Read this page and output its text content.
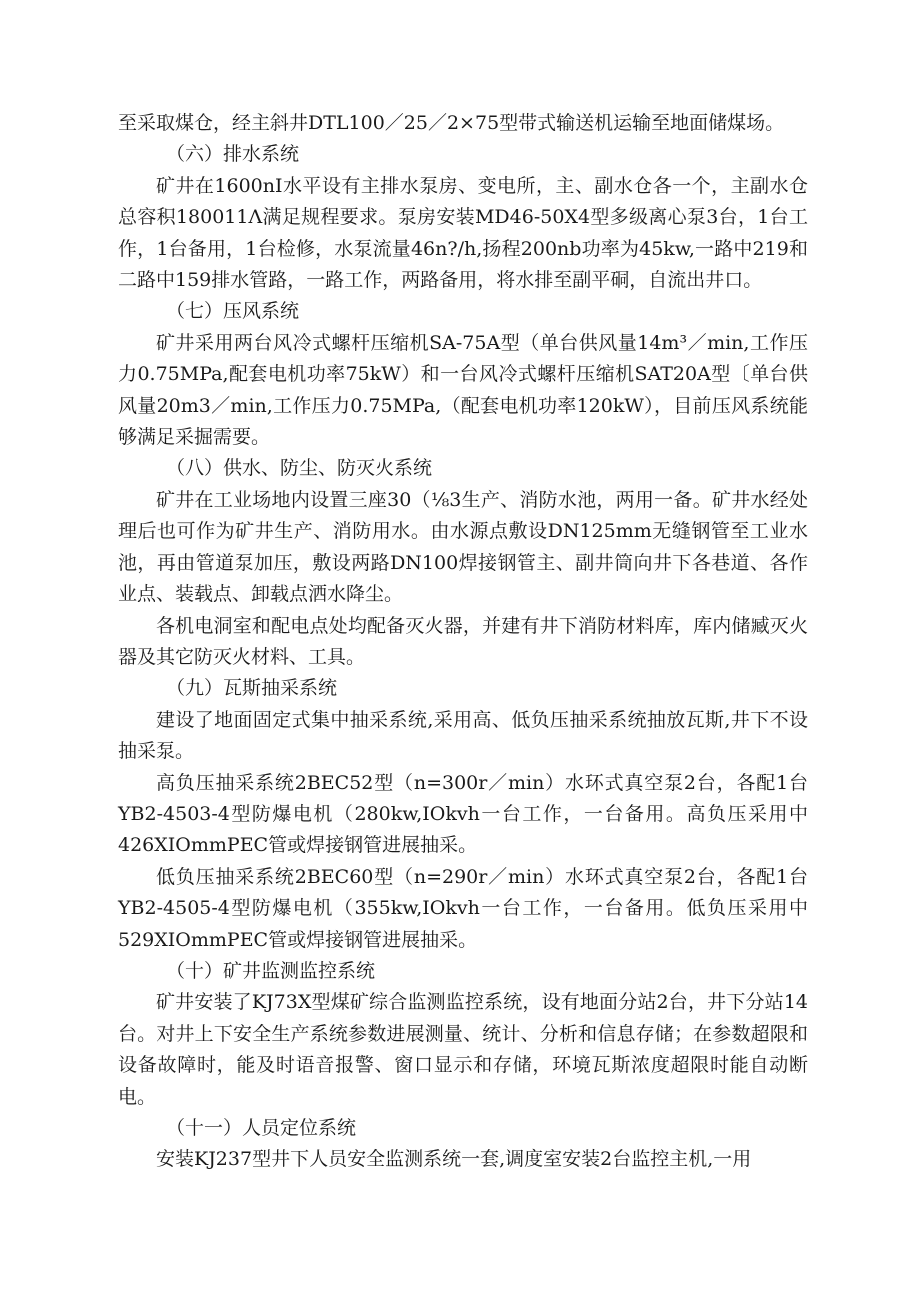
至采取煤仓，经主斜井DTL100／25／2×75型带式输送机运输至地面储煤场。

（六）排水系统

矿井在1600nI水平设有主排水泵房、变电所，主、副水仓各一个，主副水仓总容积180011Λ满足规程要求。泵房安装MD46-50X4型多级离心泵3台，1台工作，1台备用，1台检修，水泵流量46n?/h,扬程200nb功率为45kw,一路中219和二路中159排水管路，一路工作，两路备用，将水排至副平硐，自流出井口。

（七）压风系统

矿井采用两台风冷式螺杆压缩机SA-75A型（单台供风量14m³／min,工作压力0.75MPa,配套电机功率75kW）和一台风冷式螺杆压缩机SAT20A型〔单台供风量20m3／min,工作压力0.75MPa,（配套电机功率120kW），目前压风系统能够满足采掘需要。

（八）供水、防尘、防灭火系统

矿井在工业场地内设置三座30（⅛3生产、消防水池，两用一备。矿井水经处理后也可作为矿井生产、消防用水。由水源点敷设DN125mm无缝钢管至工业水池，再由管道泵加压，敷设两路DN100焊接钢管主、副井筒向井下各巷道、各作业点、装载点、卸载点洒水降尘。

各机电洞室和配电点处均配备灭火器，并建有井下消防材料库，库内储臧灭火器及其它防灭火材料、工具。

（九）瓦斯抽采系统

建设了地面固定式集中抽采系统,采用高、低负压抽采系统抽放瓦斯,井下不设抽采泵。

高负压抽采系统2BEC52型（n=300r／min）水环式真空泵2台，各配1台YB2-4503-4型防爆电机（280kw,IOkvh一台工作，一台备用。高负压采用中426XIOmmPEC管或焊接钢管进展抽采。

低负压抽采系统2BEC60型（n=290r／min）水环式真空泵2台，各配1台YB2-4505-4型防爆电机（355kw,IOkvh一台工作，一台备用。低负压采用中529XIOmmPEC管或焊接钢管进展抽采。

（十）矿井监测监控系统

矿井安装了KJ73X型煤矿综合监测监控系统，设有地面分站2台，井下分站14台。对井上下安全生产系统参数进展测量、统计、分析和信息存储；在参数超限和设备故障时，能及时语音报警、窗口显示和存储，环境瓦斯浓度超限时能自动断电。

（十一）人员定位系统

安装KJ237型井下人员安全监测系统一套,调度室安装2台监控主机,一用
